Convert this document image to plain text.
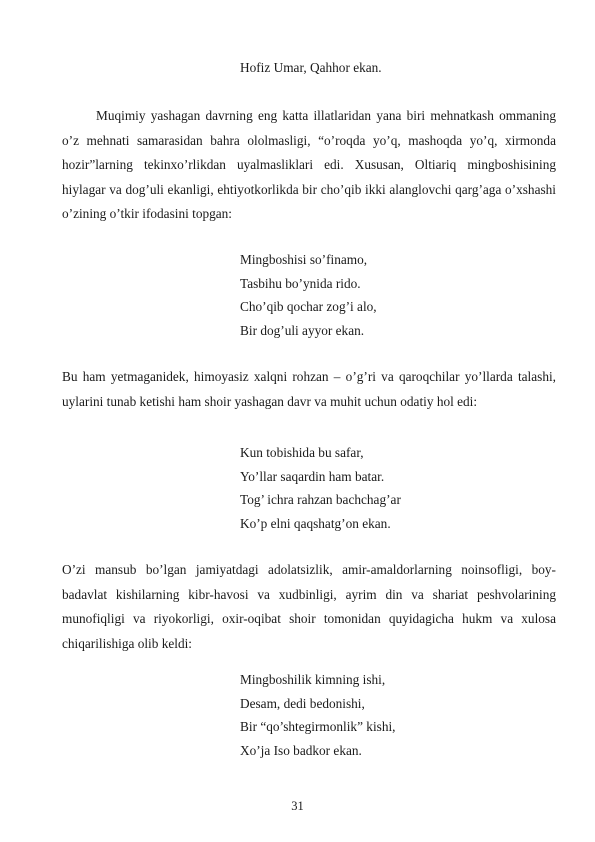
Hofiz Umar, Qahhor ekan.

Muqimiy yashagan davrning eng katta illatlaridan yana biri mehnatkash ommaning o’z mehnati samarasidan bahra ololmasligi, “o’roqda yo’q, mashoqda yo’q, xirmonda hozir”larning tekinxo’rlikdan uyalmasliklari edi. Xususan, Oltiariq mingboshisining hiylagar va dog’uli ekanligi, ehtiyotkorlikda bir cho’qib ikki alanglovchi qarg’aga o’xshashi o’zining o’tkir ifodasini topgan:

Mingboshisi so’finamo,
Tasbihu bo’ynida rido.
Cho’qib qochar zog’i alo,
Bir dog’uli ayyor ekan.

Bu ham yetmaganidek, himoyasiz xalqni rohzan – o’g’ri va qaroqchilar yo’llarda talashi, uylarini tunab ketishi ham shoir yashagan davr va muhit uchun odatiy hol edi:

Kun tobishida bu safar,
Yo’llar saqardin ham batar.
Tog’ ichra rahzan bachchag’ar
Ko’p elni qaqshatg’on ekan.

O’zi mansub bo’lgan jamiyatdagi adolatsizlik, amir-amaldorlarning noinsofligi, boy-badavlat kishilarning kibr-havosi va xudbinligi, ayrim din va shariat peshvolarining munofiqligi va riyokorligi, oxir-oqibat shoir tomonidan quyidagicha hukm va xulosa chiqarilishiga olib keldi:

Mingboshilik kimning ishi,
Desam, dedi bedonishi,
Bir “qo’shtegirmonlik” kishi,
Xo’ja Iso badkor ekan.
31
